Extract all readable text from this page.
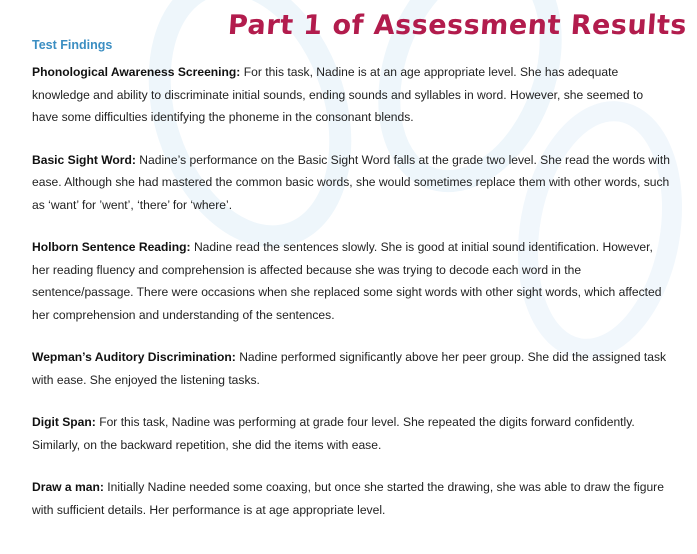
Part 1 of Assessment Results
Test Findings

Phonological Awareness Screening: For this task, Nadine is at an age appropriate level. She has adequate knowledge and ability to discriminate initial sounds, ending sounds and syllables in word. However, she seemed to have some difficulties identifying the phoneme in the consonant blends.

Basic Sight Word: Nadine’s performance on the Basic Sight Word falls at the grade two level. She read the words with ease. Although she had mastered the common basic words, she would sometimes replace them with other words, such as ‘want’ for ’went’, ‘there’ for ‘where’.

Holborn Sentence Reading: Nadine read the sentences slowly. She is good at initial sound identification. However, her reading fluency and comprehension is affected because she was trying to decode each word in the sentence/passage. There were occasions when she replaced some sight words with other sight words, which affected her comprehension and understanding of the sentences.

Wepman’s Auditory Discrimination: Nadine performed significantly above her peer group. She did the assigned task with ease. She enjoyed the listening tasks.

Digit Span: For this task, Nadine was performing at grade four level. She repeated the digits forward confidently. Similarly, on the backward repetition, she did the items with ease.

Draw a man: Initially Nadine needed some coaxing, but once she started the drawing, she was able to draw the figure with sufficient details. Her performance is at age appropriate level.
